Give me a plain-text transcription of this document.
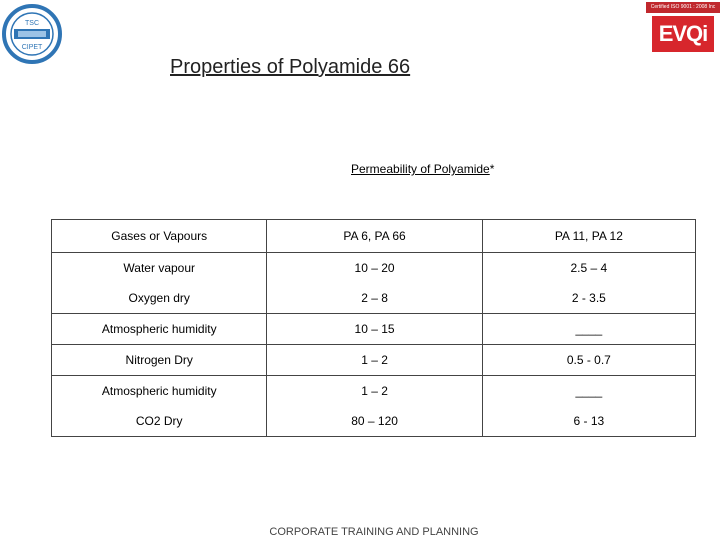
TSC
CIPET
Certified ISO 9001 : 2008 Inc
EVQi
Properties of Polyamide 66
Permeability of Polyamide*
Gases or Vapours	PA 6, PA 66	PA 11, PA 12
Water vapour	10 – 20	2.5 – 4
Oxygen dry	2 – 8	2 - 3.5
Atmospheric humidity	10 – 15	____
Nitrogen Dry	1 – 2	0.5 - 0.7
Atmospheric humidity	1 – 2	____
CO2 Dry	80 – 120	6 - 13
CORPORATE TRAINING AND PLANNING
